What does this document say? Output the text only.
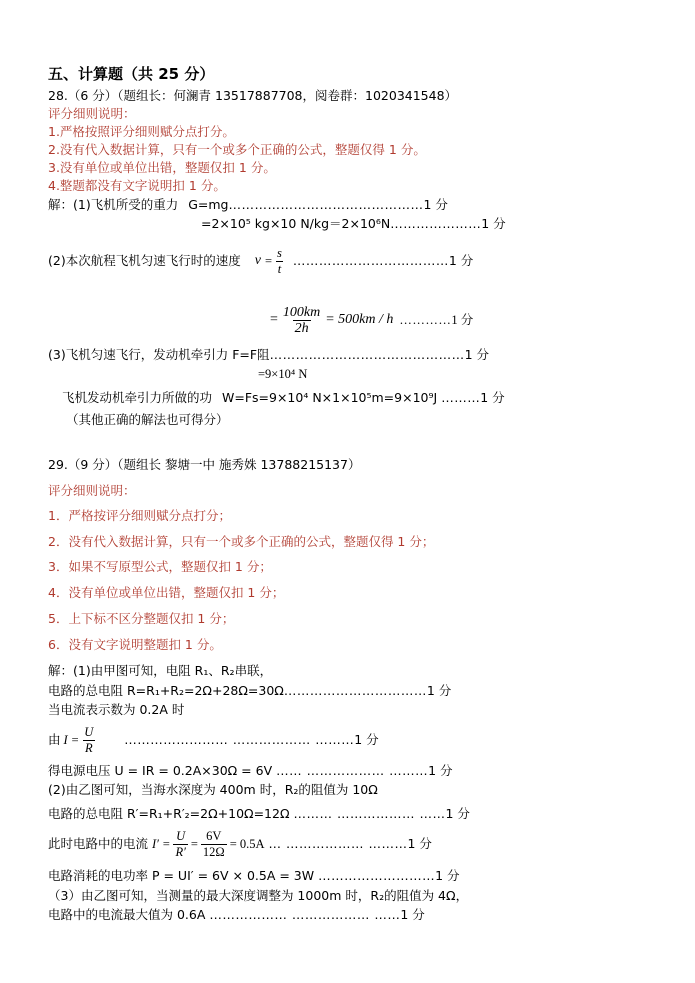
五、计算题（共 25 分）
28.（6 分）（题组长：何澜青 13517887708，阅卷群：1020341548）
评分细则说明：
1.严格按照评分细则赋分点打分。
2.没有代入数据计算，只有一个或多个正确的公式，整题仅得 1 分。
3.没有单位或单位出错，整题仅扣 1 分。
4.整题都没有文字说明扣 1 分。
解：(1)飞机所受的重力 G=mg………………………………………1 分
=2×10⁵ kg×10 N/kg＝2×10⁶N…………………1 分
(2)本次航程飞机匀速飞行时的速度 $v = \frac{s}{t}$ ……………………………… 1 分
= $\frac{100km}{2h} = 500km / h$ ………… 1 分
(3)飞机匀速飞行，发动机牵引力 F=F阻………………………………………1 分
=9×10⁴ N
飞机发动机牵引力所做的功 W=Fs=9×10⁴ N×1×10⁵m=9×10⁹J ………1 分
（其他正确的解法也可得分）
29.（9 分）（题组长 黎塘一中 施秀姝 13788215137）
评分细则说明：
1．严格按评分细则赋分点打分；
2．没有代入数据计算，只有一个或多个正确的公式，整题仅得 1 分；
3．如果不写原型公式，整题仅扣 1 分；
4．没有单位或单位出错，整题仅扣 1 分；
5．上下标不区分整题仅扣 1 分；
6．没有文字说明整题扣 1 分。
解：(1)由甲图可知，电阻 R₁、R₂串联，
电路的总电阻 R=R₁+R₂=2Ω+28Ω=30Ω……………………………1 分
当电流表示数为 0.2A 时
由 $I = \frac{U}{R}$ …………………… ……………… ……… 1 分
得电源电压 U = IR = 0.2A×30Ω = 6V …… ……………… ………1 分
(2)由乙图可知，当海水深度为 400m 时，R₂的阻值为 10Ω
电路的总电阻 R′=R₁+R′₂=2Ω+10Ω=12Ω ……… ……………… ……1 分
此时电路中的电流 $I' = \frac{U}{R'} = \frac{6V}{12\Omega} = 0.5A$ … ……………… ……… 1 分
电路消耗的电功率 P = UI′ = 6V × 0.5A = 3W ………………………1 分
（3）由乙图可知，当测量的最大深度调整为 1000m 时，R₂的阻值为 4Ω，
电路中的电流最大值为 0.6A ……………… ……………… ……1 分
